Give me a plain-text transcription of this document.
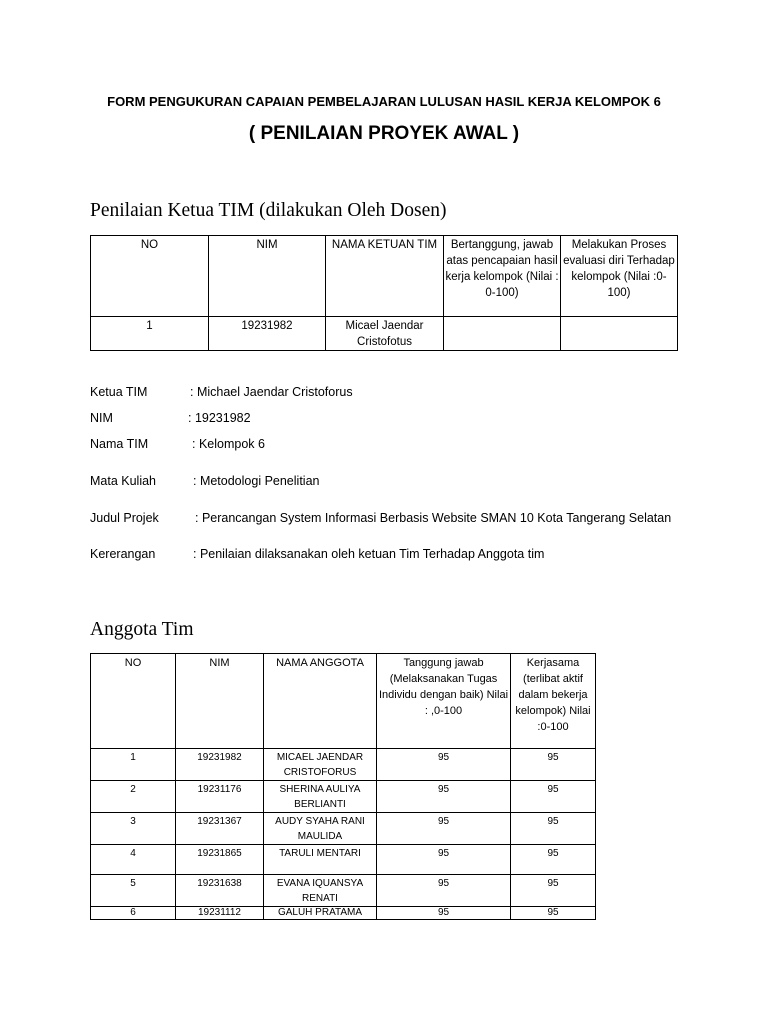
FORM PENGUKURAN CAPAIAN PEMBELAJARAN LULUSAN HASIL KERJA KELOMPOK 6
( PENILAIAN PROYEK AWAL )
Penilaian Ketua TIM (dilakukan Oleh Dosen)
NO	NIM	NAMA KETUAN TIM	Bertanggung, jawab atas pencapaian hasil kerja kelompok (Nilai : 0-100)	Melakukan Proses evaluasi diri Terhadap kelompok (Nilai :0-100)
1	19231982	Micael Jaendar Cristofotus		
Ketua TIM	: Michael Jaendar Cristoforus
NIM	: 19231982
Nama TIM	: Kelompok 6
Mata Kuliah	: Metodologi Penelitian
Judul Projek	: Perancangan System Informasi Berbasis Website SMAN 10 Kota Tangerang Selatan
Kererangan	: Penilaian dilaksanakan oleh ketuan Tim Terhadap Anggota tim
Anggota Tim
NO	NIM	NAMA ANGGOTA	Tanggung jawab (Melaksanakan Tugas Individu dengan baik) Nilai : ,0-100	Kerjasama (terlibat aktif dalam bekerja kelompok) Nilai :0-100
1	19231982	MICAEL JAENDAR CRISTOFORUS	95	95
2	19231176	SHERINA AULIYA BERLIANTI	95	95
3	19231367	AUDY SYAHA RANI MAULIDA	95	95
4	19231865	TARULI MENTARI	95	95
5	19231638	EVANA IQUANSYA RENATI	95	95
6	19231112	GALUH PRATAMA	95	95
